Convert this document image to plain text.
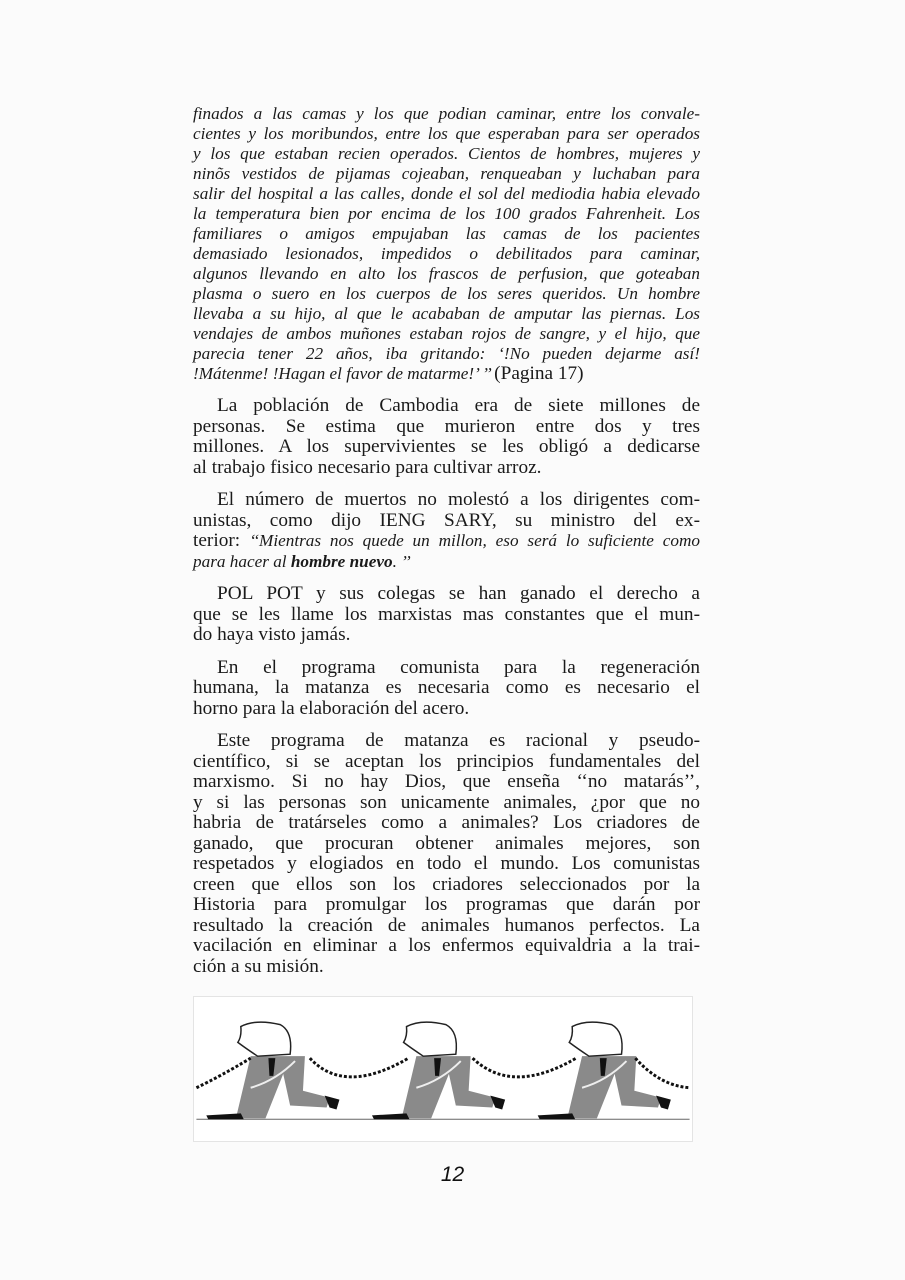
finados a las camas y los que podian caminar, entre los convale-
cientes y los moribundos, entre los que esperaban para ser operados
y los que estaban recien operados. Cientos de hombres, mujeres y
ninõs vestidos de pijamas cojeaban, renqueaban y luchaban para
salir del hospital a las calles, donde el sol del mediodia habia elevado
la temperatura bien por encima de los 100 grados Fahrenheit. Los
familiares o amigos empujaban las camas de los pacientes
demasiado lesionados, impedidos o debilitados para caminar,
algunos llevando en alto los frascos de perfusion, que goteaban
plasma o suero en los cuerpos de los seres queridos. Un hombre
llevaba a su hijo, al que le acababan de amputar las piernas. Los
vendajes de ambos muñones estaban rojos de sangre, y el hijo, que
parecia tener 22 años, iba gritando: ‘!No pueden dejarme así!
!Mátenme! !Hagan el favor de matarme!’ ’’ (Pagina 17)
La población de Cambodia era de siete millones de
personas. Se estima que murieron entre dos y tres
millones. A los supervivientes se les obligó a dedicarse
al trabajo fisico necesario para cultivar arroz.
El número de muertos no molestó a los dirigentes com-
unistas, como dijo IENG SARY, su ministro del ex-
terior: ‘‘Mientras nos quede un millon, eso será lo suficiente como
para hacer al hombre nuevo. ’’
POL POT y sus colegas se han ganado el derecho a
que se les llame los marxistas mas constantes que el mun-
do haya visto jamás.
En el programa comunista para la regeneración
humana, la matanza es necesaria como es necesario el
horno para la elaboración del acero.
Este programa de matanza es racional y pseudo-
científico, si se aceptan los principios fundamentales del
marxismo. Si no hay Dios, que enseña ‘‘no matarás’’,
y si las personas son unicamente animales, ¿por que no
habria de tratárseles como a animales? Los criadores de
ganado, que procuran obtener animales mejores, son
respetados y elogiados en todo el mundo. Los comunistas
creen que ellos son los criadores seleccionados por la
Historia para promulgar los programas que darán por
resultado la creación de animales humanos perfectos. La
vacilación en eliminar a los enfermos equivaldria a la trai-
ción a su misión.
12
